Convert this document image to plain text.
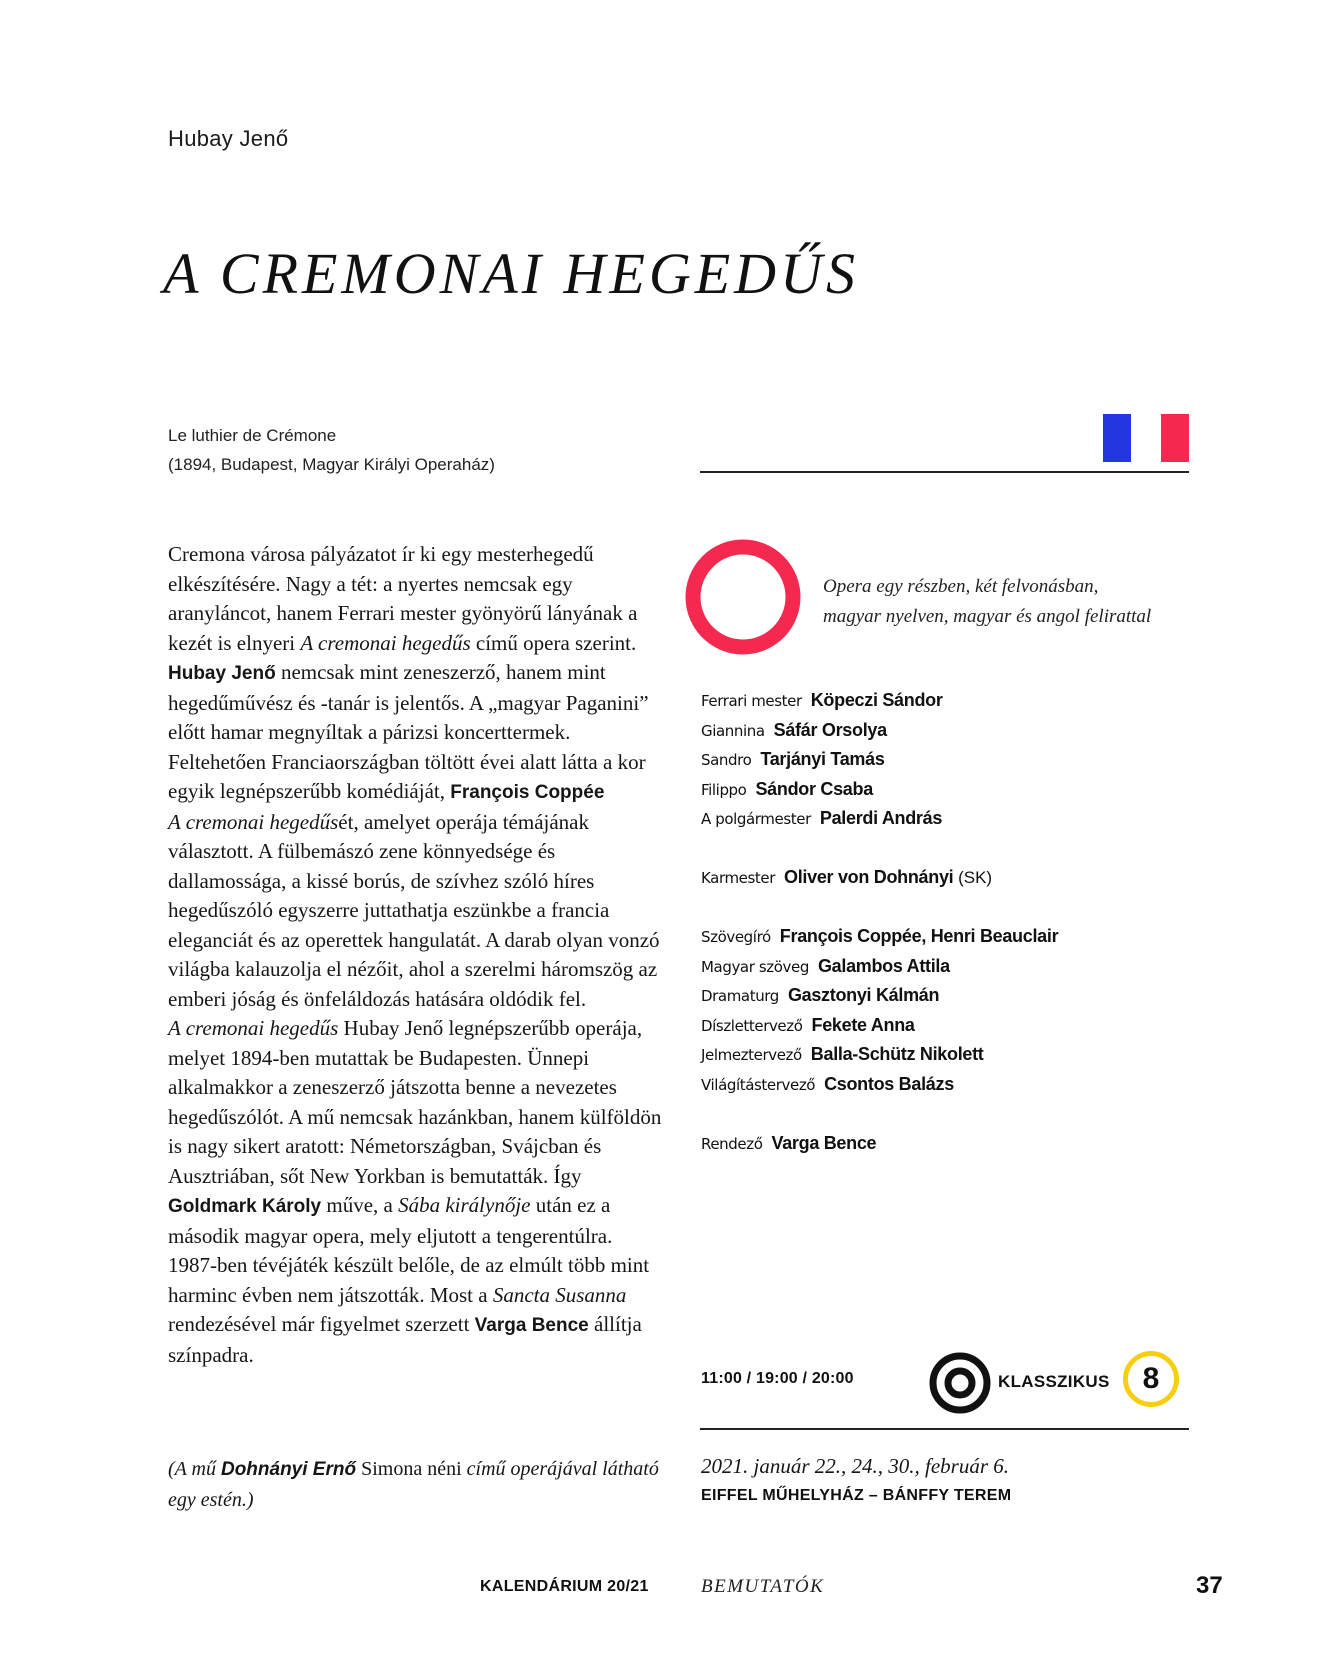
Hubay Jenő
A CREMONAI HEGEDŰS
Le luthier de Crémone
(1894, Budapest, Magyar Királyi Operaház)

Cremona városa pályázatot ír ki egy mesterhegedű elkészítésére. Nagy a tét: a nyertes nemcsak egy aranyláncot, hanem Ferrari mester gyönyörű lányának a kezét is elnyeri A cremonai hegedűs című opera szerint. Hubay Jenő nemcsak mint zeneszerző, hanem mint hegedűművész és -tanár is jelentős. A „magyar Paganini” előtt hamar megnyíltak a párizsi koncerttermek. Feltehetően Franciaországban töltött évei alatt látta a kor egyik legnépszerűbb komédiáját, François Coppée
A cremonai hegedűsét, amelyet operája témájának választott. A fülbemászó zene könnyedsége és dallamossága, a kissé borús, de szívhez szóló híres hegedűszóló egyszerre juttathatja eszünkbe a francia eleganciát és az operettek hangulatát. A darab olyan vonzó világba kalauzolja el nézőit, ahol a szerelmi háromszög az emberi jóság és önfeláldozás hatására oldódik fel.

A cremonai hegedűs Hubay Jenő legnépszerűbb operája, melyet 1894-ben mutattak be Budapesten. Ünnepi alkalmakkor a zeneszerző játszotta benne a nevezetes hegedűszólót. A mű nemcsak hazánkban, hanem külföldön is nagy sikert aratott: Németországban, Svájcban és Ausztriában, sőt New Yorkban is bemutatták. Így Goldmark Károly műve, a Sába királynője után ez a második magyar opera, mely eljutott a tengerentúlra.

1987-ben tévéjáték készült belőle, de az elmúlt több mint harminc évben nem játszották. Most a Sancta Susanna rendezésével már figyelmet szerzett Varga Bence állítja színpadra.

Opera egy részben, két felvonásban,
magyar nyelven, magyar és angol felirattal
Ferrari mester Köpeczi Sándor
Giannina Sáfár Orsolya
Sandro Tarjányi Tamás
Filippo Sándor Csaba
A polgármester Palerdi András
Karmester Oliver von Dohnányi (SK)
Szövegíró François Coppée, Henri Beauclair
Magyar szöveg Galambos Attila
Dramaturg Gasztonyi Kálmán
Díszlettervező Fekete Anna
Jelmeztervező Balla-Schütz Nikolett
Világítástervező Csontos Balázs
Rendező Varga Bence
11:00 / 19:00 / 20:00	KLASSZIKUS	8
2021. január 22., 24., 30., február 6.
EIFFEL MŰHELYHÁZ – BÁNFFY TEREM
(A mű Dohnányi Ernő Simona néni című operájával látható egy estén.)
KALENDÁRIUM 20/21	BEMUTATÓK	37
